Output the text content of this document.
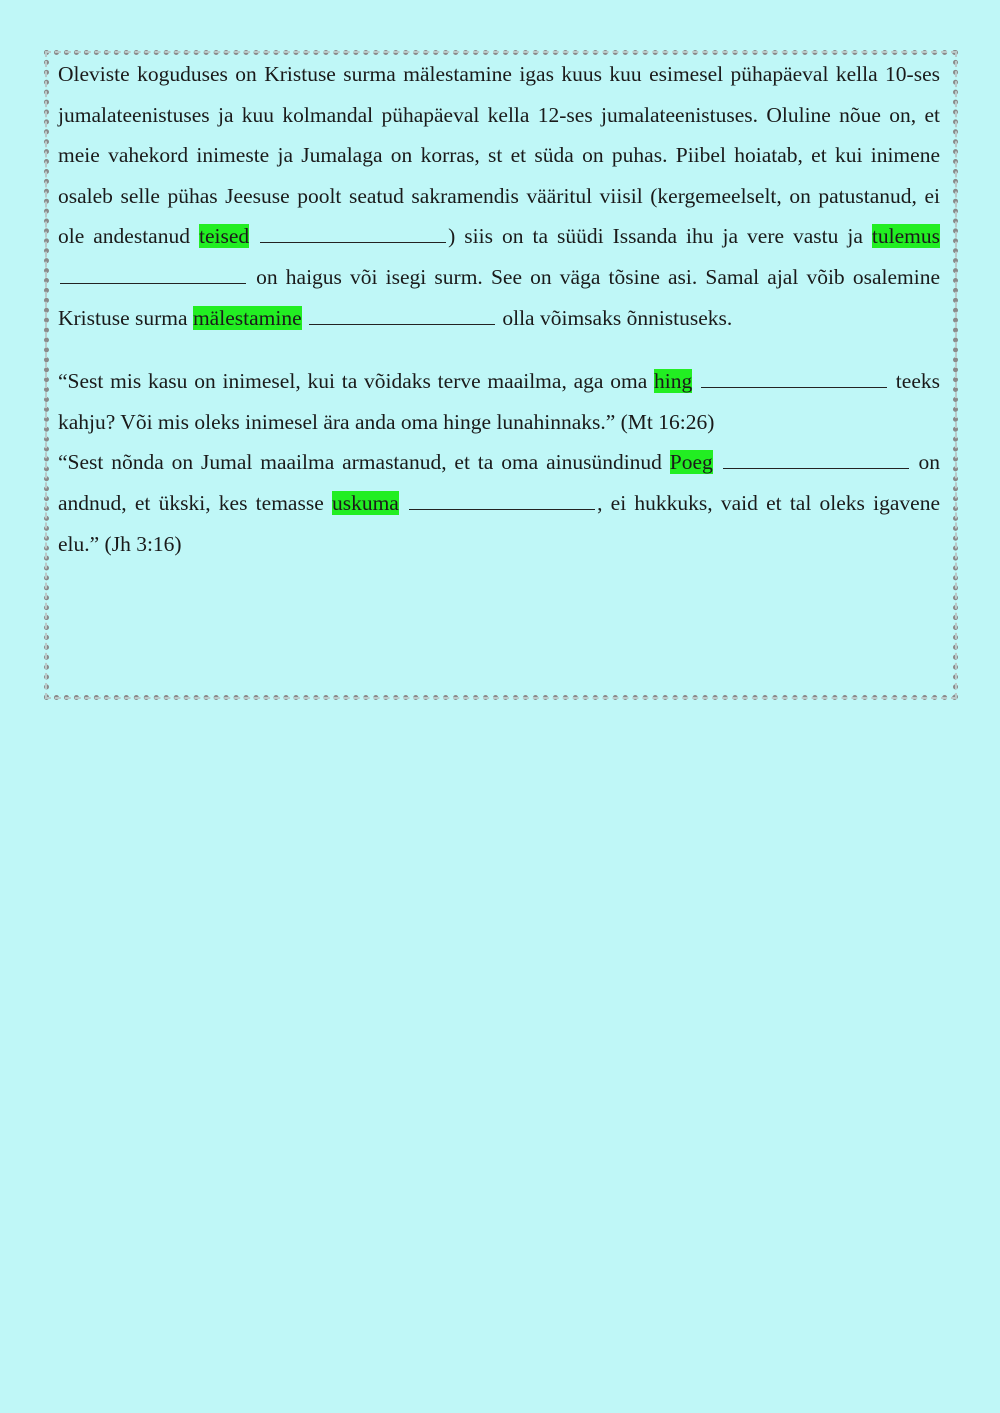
Oleviste koguduses on Kristuse surma mälestamine igas kuus kuu esimesel pühapäeval kella 10-ses jumalateenistuses ja kuu kolmandal pühapäeval kella 12-ses jumalateenistuses. Oluline nõue on, et meie vahekord inimeste ja Jumalaga on korras, st et süda on puhas. Piibel hoiatab, et kui inimene osaleb selle pühas Jeesuse poolt seatud sakramendis vääritul viisil (kergemeelselt, on patustanud, ei ole andestanud teised	) siis on ta süüdi Issanda ihu ja vere vastu ja tulemus on haigus või isegi surm. See on väga tõsine asi. Samal ajal võib osalemine Kristuse surma mälestamine	olla võimsaks õnnistuseks.

“Sest mis kasu on inimesel, kui ta võidaks terve maailma, aga oma hing	teeks kahju? Või mis oleks inimesel ära anda oma hinge lunahinnaks.” (Mt 16:26)

“Sest nõnda on Jumal maailma armastanud, et ta oma ainusündinud Poeg	on andnud, et ükski, kes temasse uskuma	, ei hukkuks, vaid et tal oleks igavene elu.” (Jh 3:16)
